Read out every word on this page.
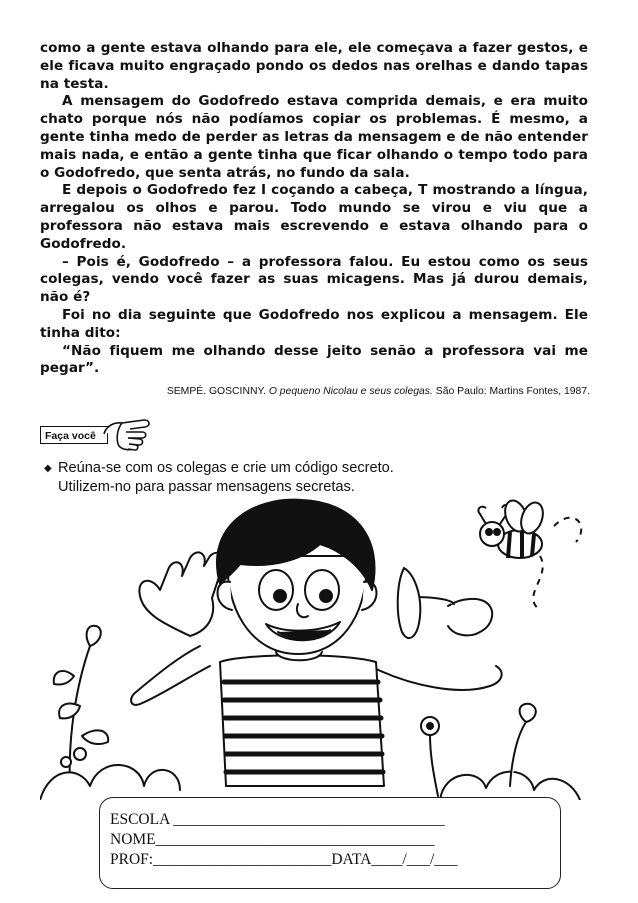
como a gente estava olhando para ele, ele começava a fazer gestos, e ele ficava muito engraçado pondo os dedos nas orelhas e dando tapas na testa.

A mensagem do Godofredo estava comprida demais, e era muito chato porque nós não podíamos copiar os problemas. É mesmo, a gente tinha medo de perder as letras da mensagem e de não entender mais nada, e então a gente tinha que ficar olhando o tempo todo para o Godofredo, que senta atrás, no fundo da sala.

E depois o Godofredo fez I coçando a cabeça, T mostrando a língua, arregalou os olhos e parou. Todo mundo se virou e viu que a professora não estava mais escrevendo e estava olhando para o Godofredo.

– Pois é, Godofredo – a professora falou. Eu estou como os seus colegas, vendo você fazer as suas micagens. Mas já durou demais, não é?

Foi no dia seguinte que Godofredo nos explicou a mensagem. Ele tinha dito:

“Não fiquem me olhando desse jeito senão a professora vai me pegar”.

SEMPÉ. GOSCINNY. O pequeno Nicolau e seus colegas. São Paulo: Martins Fontes, 1987.
Faça você
◆ Reúna-se com os colegas e crie um código secreto.
Utilizem-no para passar mensagens secretas.
ESCOLA ___________________________________
NOME____________________________________
PROF:_______________________DATA____/___/___
